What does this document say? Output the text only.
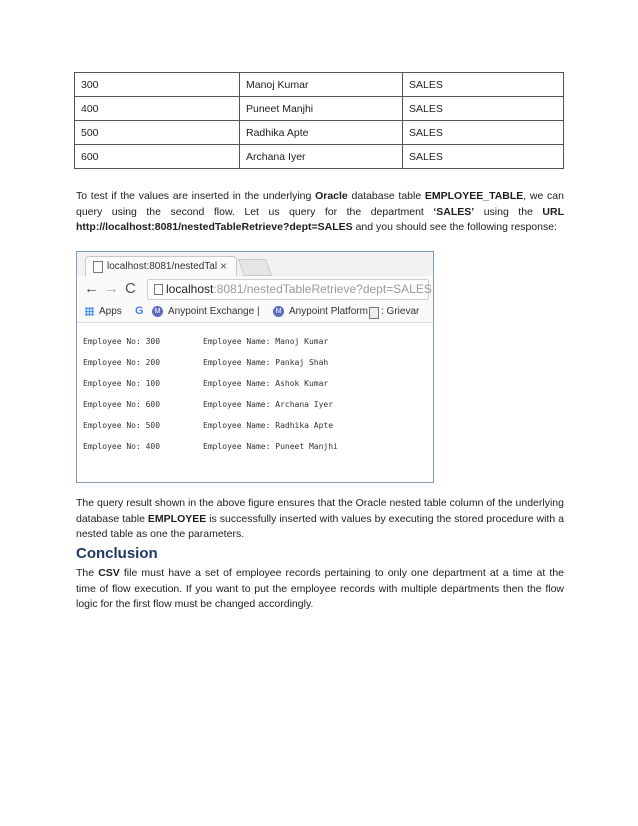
300	Manoj Kumar	SALES
400	Puneet Manjhi	SALES
500	Radhika Apte	SALES
600	Archana Iyer	SALES
To test if the values are inserted in the underlying Oracle database table EMPLOYEE_TABLE, we can query using the second flow. Let us query for the department ‘SALES’ using the URL http://localhost:8081/nestedTableRetrieve?dept=SALES and you should see the following response:
localhost:8081/nestedTal ×
← → C	localhost:8081/nestedTableRetrieve?dept=SALES
Apps G	M Anypoint Exchange |	M Anypoint Platform : Grievar
Employee No: 300	Employee Name: Manoj Kumar
Employee No: 200	Employee Name: Pankaj Shah
Employee No: 100	Employee Name: Ashok Kumar
Employee No: 600	Employee Name: Archana Iyer
Employee No: 500	Employee Name: Radhika Apte
Employee No: 400	Employee Name: Puneet Manjhi
The query result shown in the above figure ensures that the Oracle nested table column of the underlying database table EMPLOYEE is successfully inserted with values by executing the stored procedure with a nested table as one the parameters.
Conclusion
The CSV file must have a set of employee records pertaining to only one department at a time at the time of flow execution. If you want to put the employee records with multiple departments then the flow logic for the first flow must be changed accordingly.
